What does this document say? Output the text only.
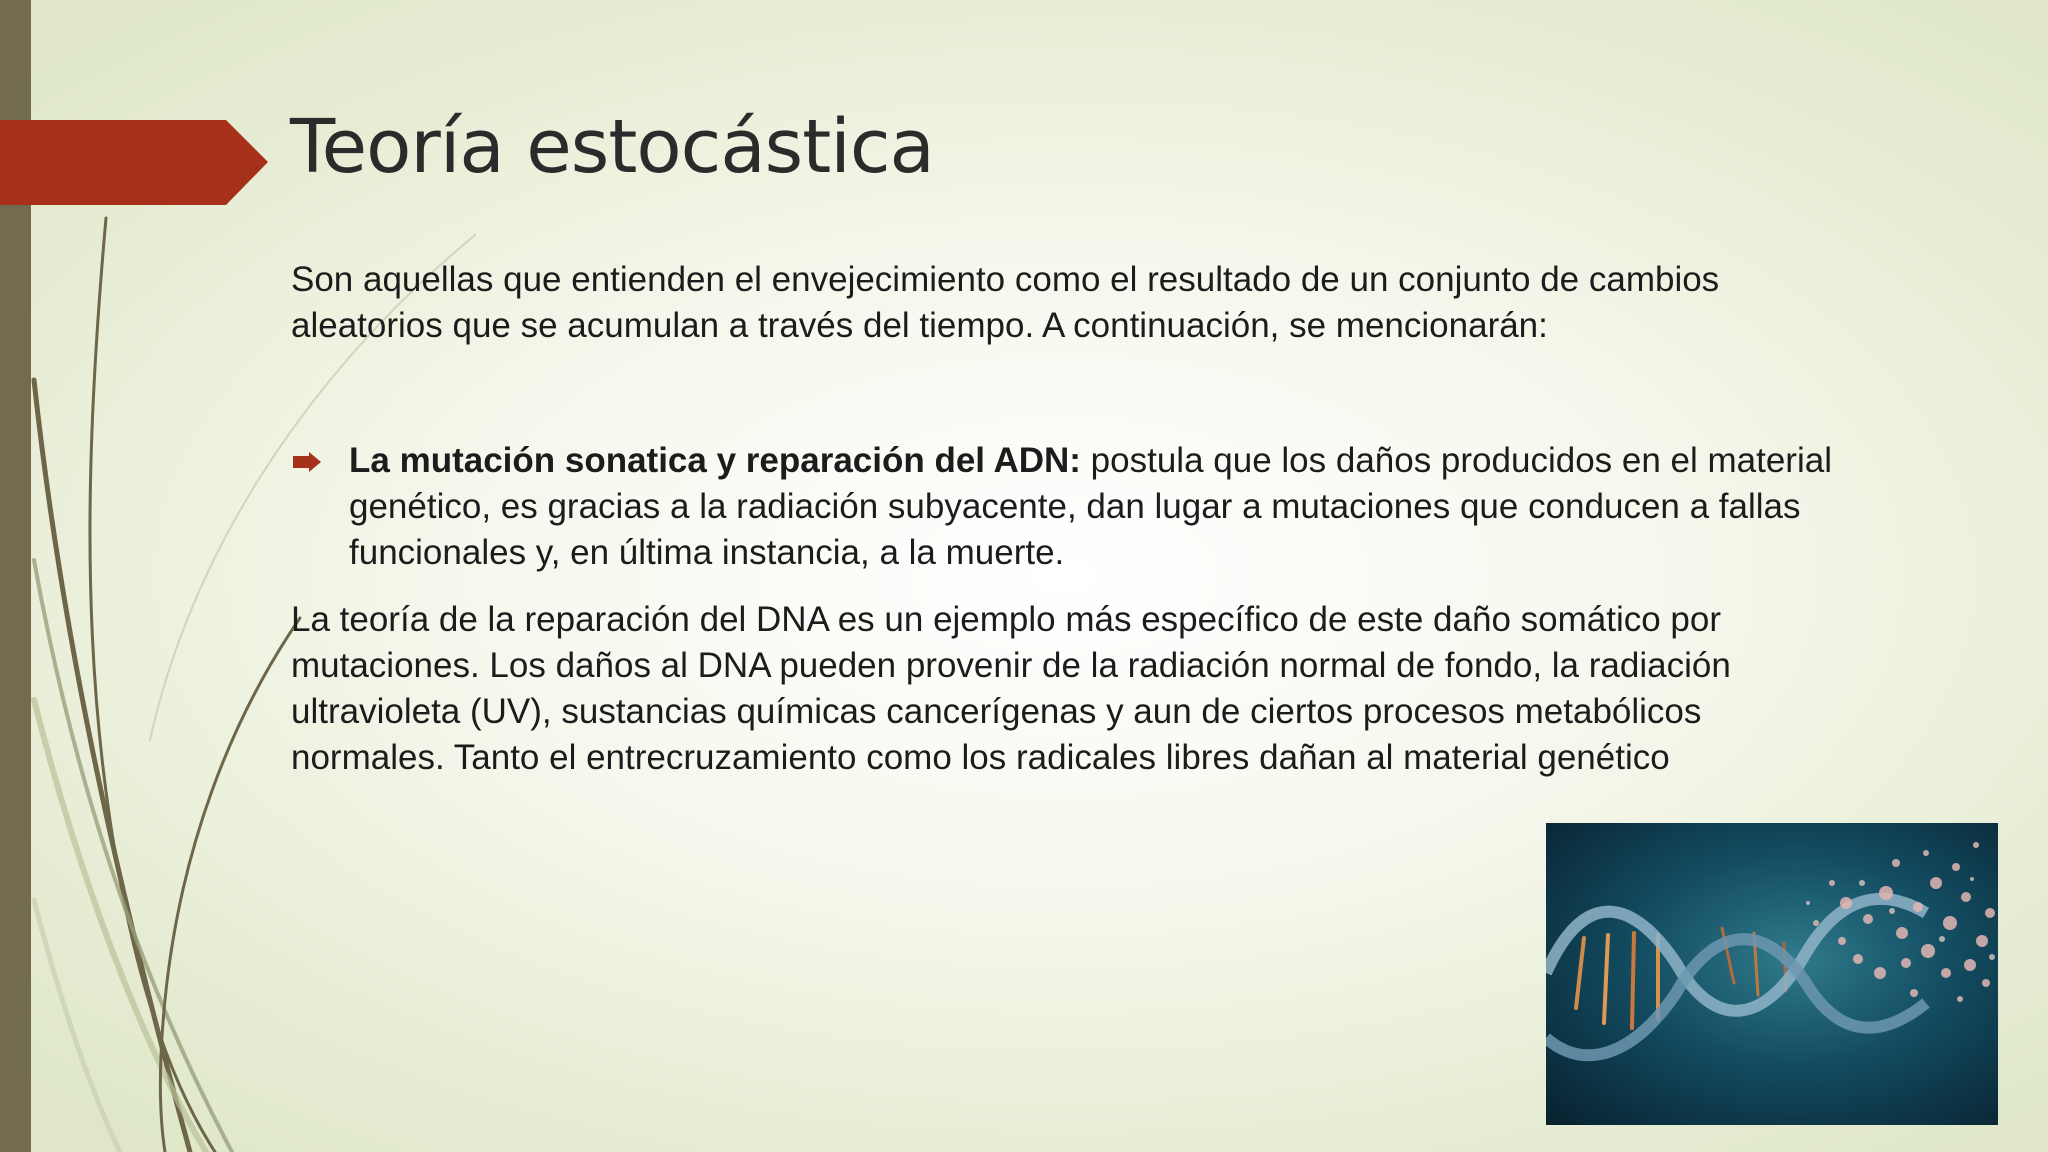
Teoría estocástica

Son aquellas que entienden el envejecimiento como el resultado de un conjunto de cambios aleatorios que se acumulan a través del tiempo. A continuación, se mencionarán:

La mutación sonatica y reparación del ADN: postula que los daños producidos en el material genético, es gracias a la radiación subyacente, dan lugar a mutaciones que conducen a fallas funcionales y, en última instancia, a la muerte.

La teoría de la reparación del DNA es un ejemplo más específico de este daño somático por mutaciones. Los daños al DNA pueden provenir de la radiación normal de fondo, la radiación ultravioleta (UV), sustancias químicas cancerígenas y aun de ciertos procesos metabólicos normales. Tanto el entrecruzamiento como los radicales libres dañan al material genético
